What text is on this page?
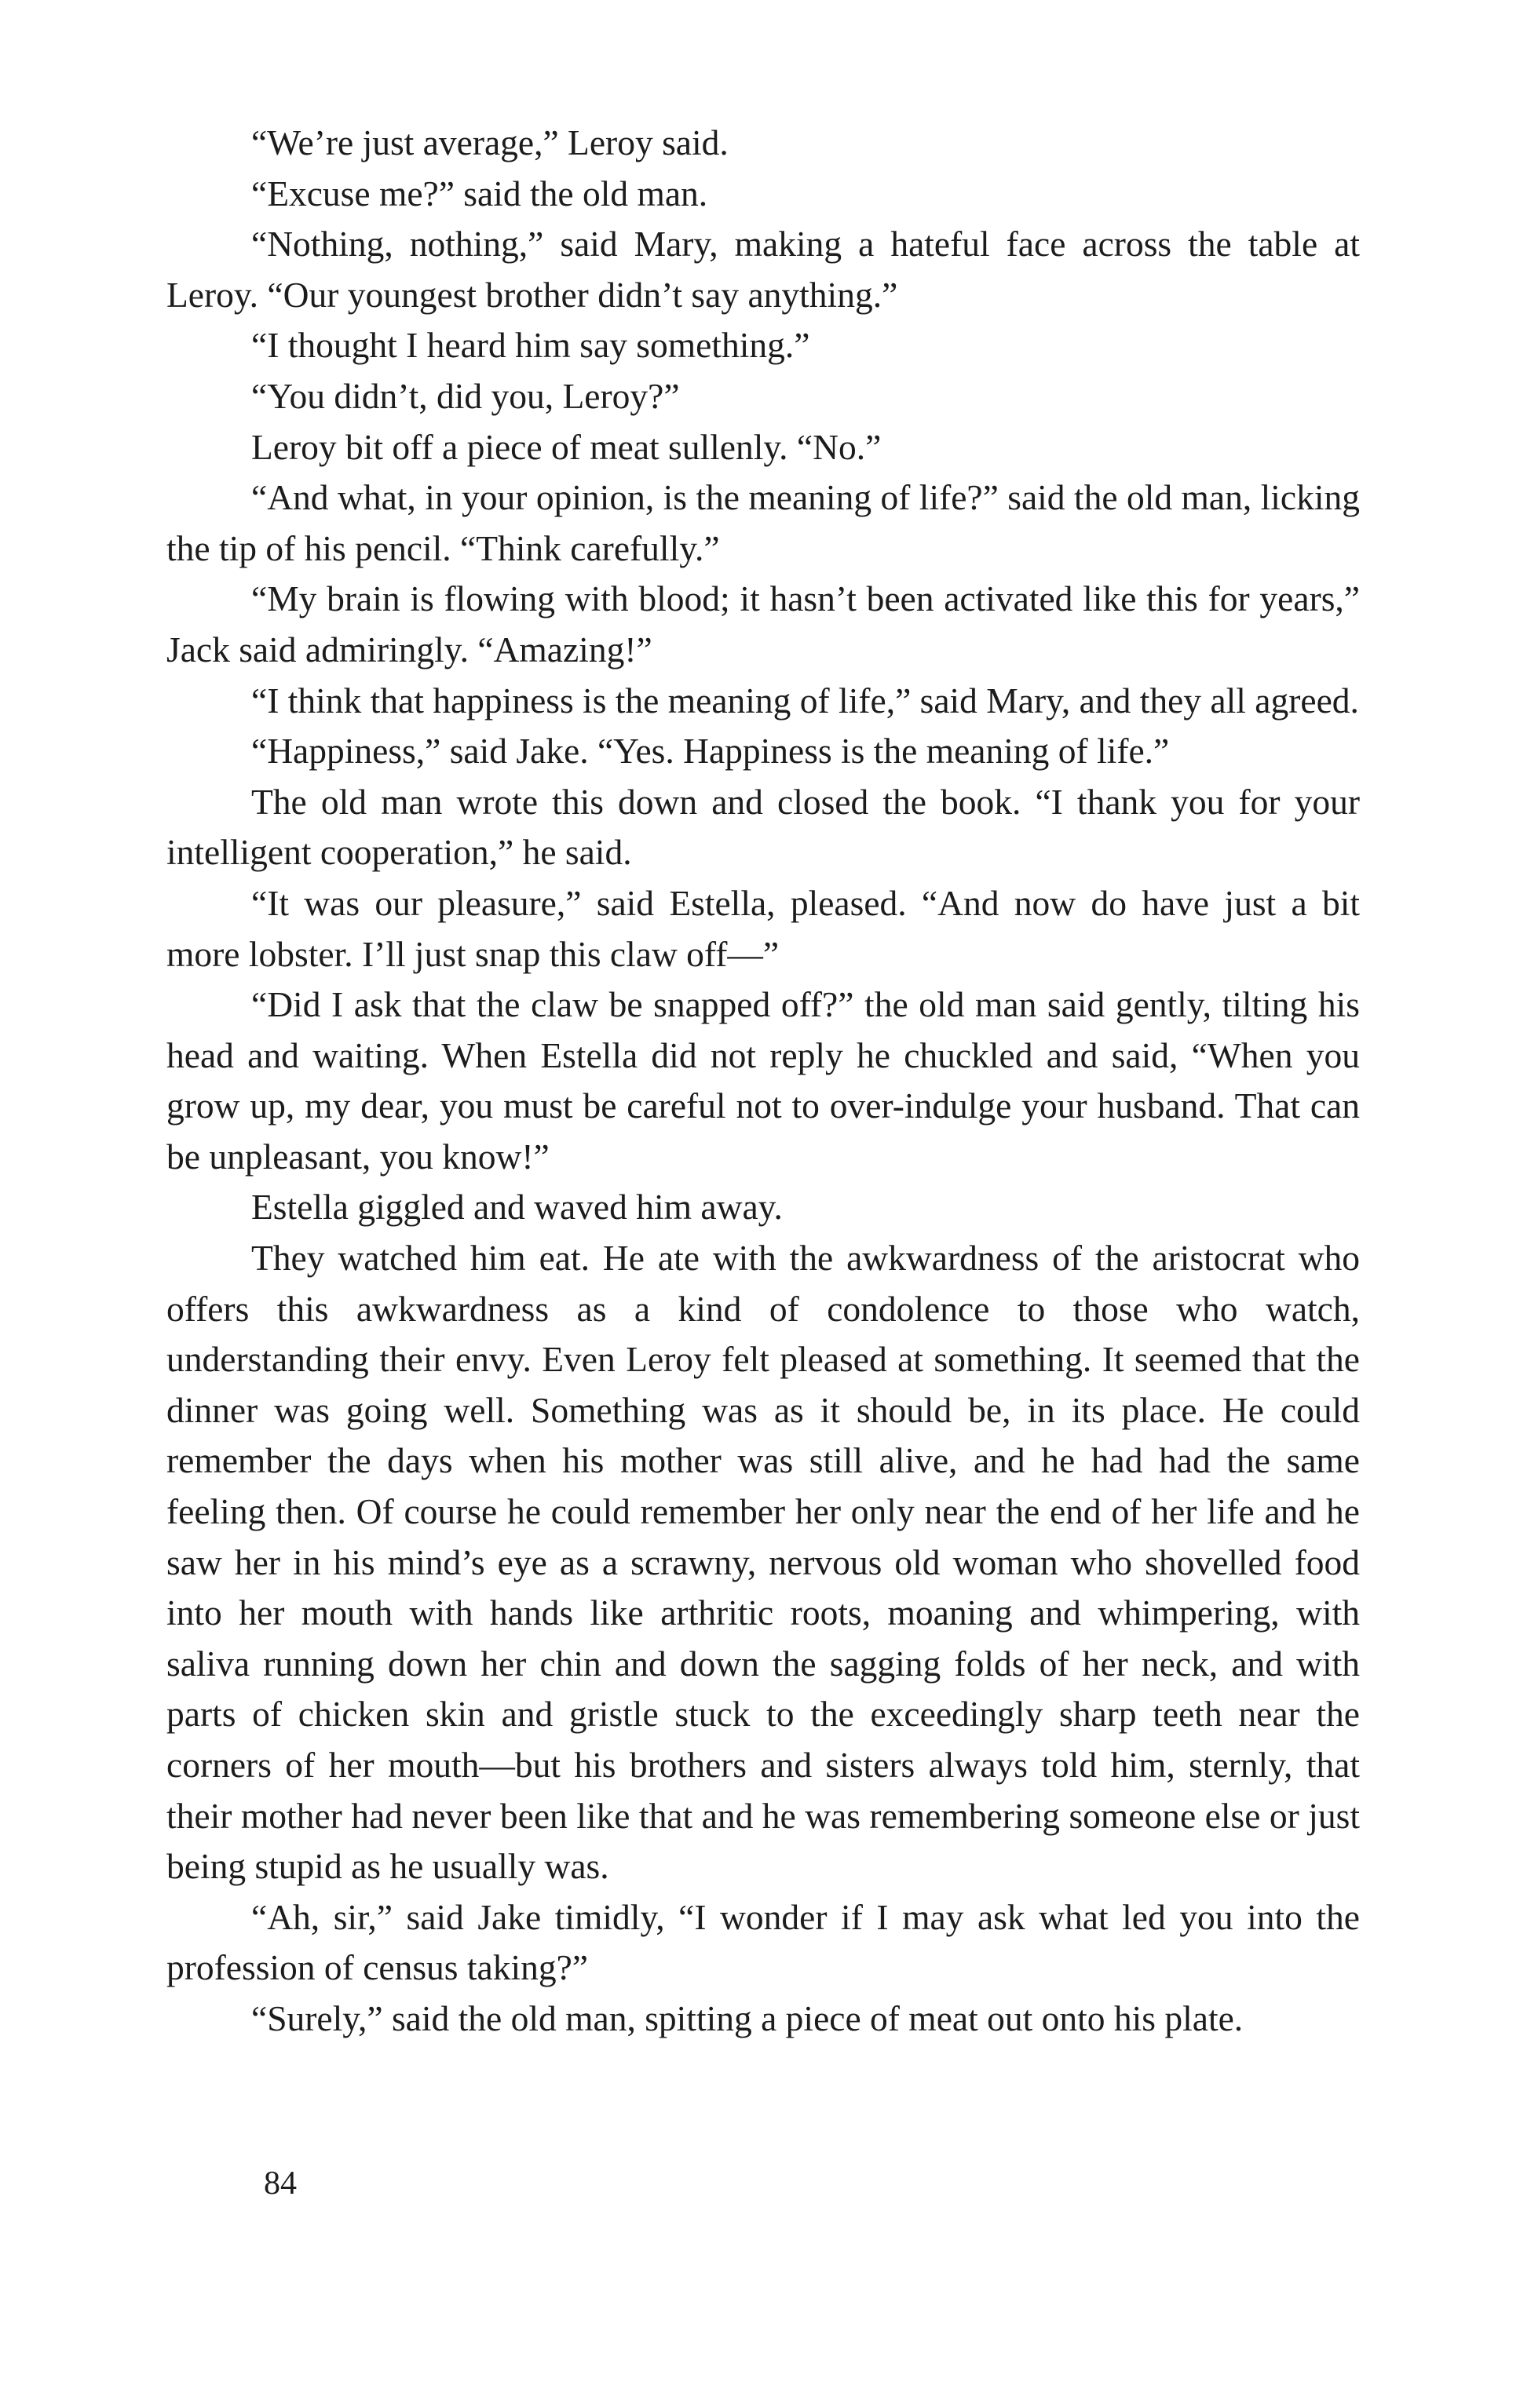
“We’re just average,” Leroy said.

“Excuse me?” said the old man.

“Nothing, nothing,” said Mary, making a hateful face across the table at Leroy. “Our youngest brother didn’t say anything.”

“I thought I heard him say something.”

“You didn’t, did you, Leroy?”

Leroy bit off a piece of meat sullenly. “No.”

“And what, in your opinion, is the meaning of life?” said the old man, licking the tip of his pencil. “Think carefully.”

“My brain is flowing with blood; it hasn’t been activated like this for years,” Jack said admiringly. “Amazing!”

“I think that happiness is the meaning of life,” said Mary, and they all agreed.

“Happiness,” said Jake. “Yes. Happiness is the meaning of life.”

The old man wrote this down and closed the book. “I thank you for your intelligent cooperation,” he said.

“It was our pleasure,” said Estella, pleased. “And now do have just a bit more lobster. I’ll just snap this claw off—”

“Did I ask that the claw be snapped off?” the old man said gently, tilting his head and waiting. When Estella did not reply he chuckled and said, “When you grow up, my dear, you must be careful not to over-indulge your husband. That can be unpleasant, you know!”

Estella giggled and waved him away.

They watched him eat. He ate with the awkwardness of the aristocrat who offers this awkwardness as a kind of condolence to those who watch, understanding their envy. Even Leroy felt pleased at something. It seemed that the dinner was going well. Something was as it should be, in its place. He could remember the days when his mother was still alive, and he had had the same feeling then. Of course he could remember her only near the end of her life and he saw her in his mind’s eye as a scrawny, nervous old woman who shovelled food into her mouth with hands like arthritic roots, moaning and whimpering, with saliva running down her chin and down the sagging folds of her neck, and with parts of chicken skin and gristle stuck to the exceedingly sharp teeth near the corners of her mouth—but his brothers and sisters always told him, sternly, that their mother had never been like that and he was remembering someone else or just being stupid as he usually was.

“Ah, sir,” said Jake timidly, “I wonder if I may ask what led you into the profession of census taking?”

“Surely,” said the old man, spitting a piece of meat out onto his plate.

84
